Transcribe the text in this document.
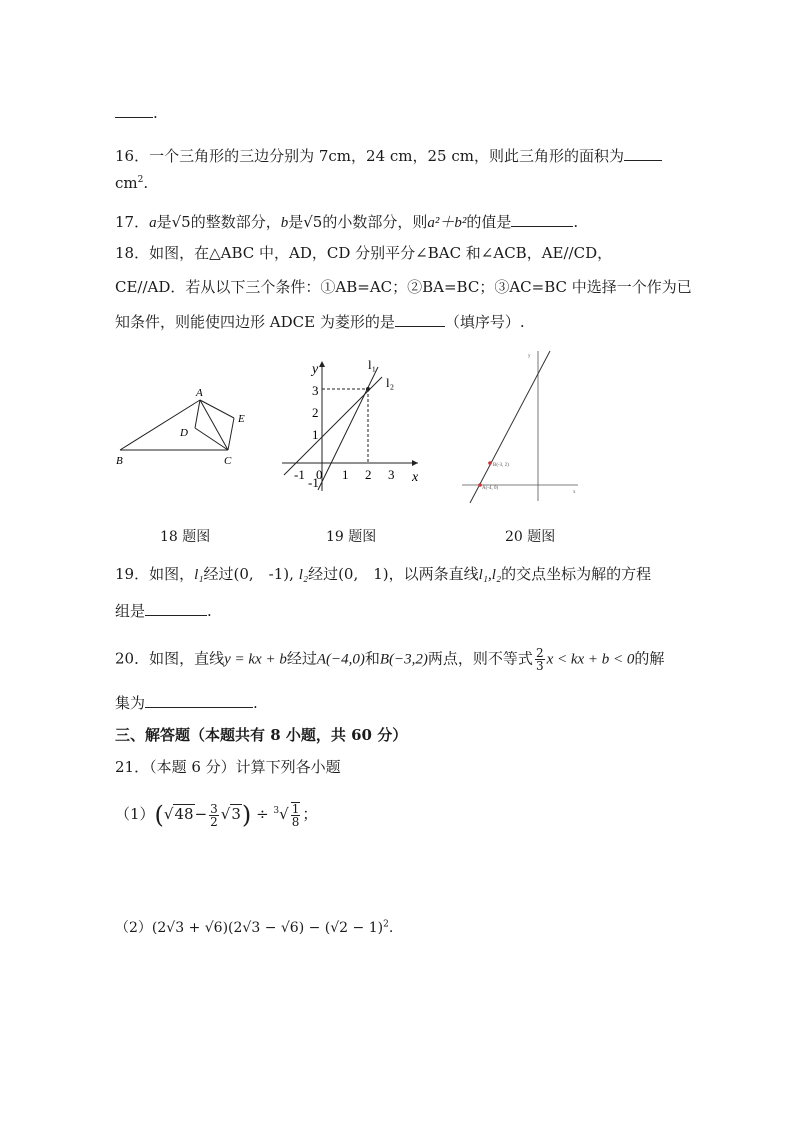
.
16．一个三角形的三边分别为 7cm，24 cm，25 cm，则此三角形的面积为
$cm^2$.
17．a是√5的整数部分，b是√5的小数部分，则a²＋b²的值是	.
18．如图，在△ABC 中，AD，CD 分别平分∠BAC 和∠ACB，AE//CD，
CE//AD．若从以下三个条件：①AB=AC；②BA=BC；③AC=BC 中选择一个作为已
知条件，则能使四边形 ADCE 为菱形的是	（填序号）.
A
B	C
D
E
y
x
l₁
l₂
-1 0 1 2 3
1
2
3
-1	A(-4, 0)
B(-3, 2)
x
y
18 题图	19 题图	20 题图
19．如图，l₁经过(0,　-1), l₂经过(0,　1)，以两条直线l₁,l₂的交点坐标为解的方程
组是	.
20．如图，直线y = kx + b经过A(−4,0)和B(−3,2)两点，则不等式 $\frac{2}{3}$ x < kx + b < 0的解
集为	.
三、解答题（本题共有 8 小题，共 60 分）
21．（本题 6 分）计算下列各小题
$(1)(√48- \frac{3}{2} √3) \div ^3√ \frac{1}{8}$ ；
$(2)(2√3 + √6)(2√3 - √6) - (√2 - 1)^2$.
